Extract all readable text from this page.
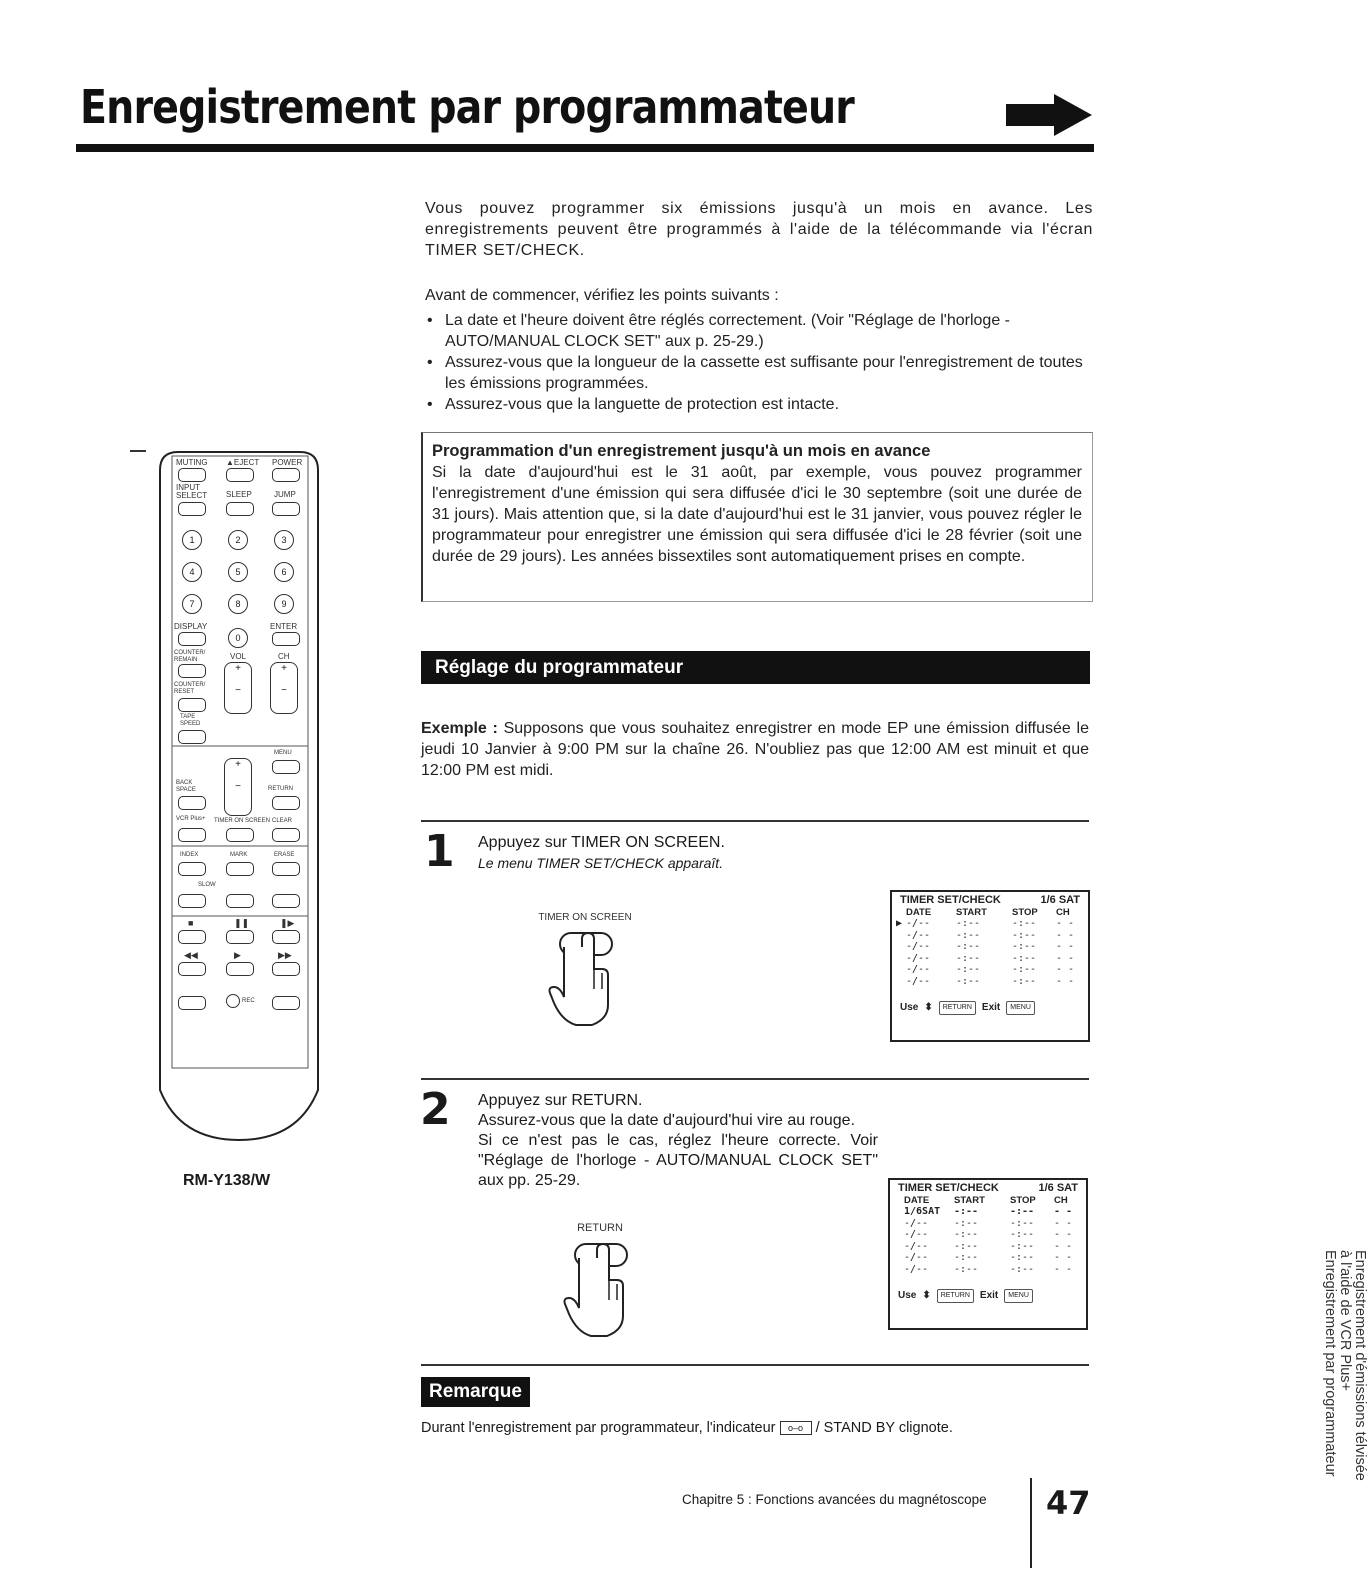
Enregistrement par programmateur
Vous pouvez programmer six émissions jusqu'à un mois en avance. Les enregistrements peuvent être programmés à l'aide de la télécommande via l'écran TIMER SET/CHECK.
Avant de commencer, vérifiez les points suivants :
• La date et l'heure doivent être réglés correctement. (Voir "Réglage de l'horloge - AUTO/MANUAL CLOCK SET" aux p. 25-29.)
• Assurez-vous que la longueur de la cassette est suffisante pour l'enregistrement de toutes les émissions programmées.
• Assurez-vous que la languette de protection est intacte.
Programmation d'un enregistrement jusqu'à un mois en avance
Si la date d'aujourd'hui est le 31 août, par exemple, vous pouvez programmer l'enregistrement d'une émission qui sera diffusée d'ici le 30 septembre (soit une durée de 31 jours). Mais attention que, si la date d'aujourd'hui est le 31 janvier, vous pouvez régler le programmateur pour enregistrer une émission qui sera diffusée d'ici le 28 février (soit une durée de 29 jours). Les années bissextiles sont automatiquement prises en compte.
Réglage du programmateur
Exemple : Supposons que vous souhaitez enregistrer en mode EP une émission diffusée le jeudi 10 Janvier à 9:00 PM sur la chaîne 26. N'oubliez pas que 12:00 AM est minuit et que 12:00 PM est midi.
1 Appuyez sur TIMER ON SCREEN.
Le menu TIMER SET/CHECK apparaît.
TIMER ON SCREEN
TIMER SET/CHECK	1/6 SAT
DATE	START	STOP	CH
▶ -/--	-:--	-:--	- -
-/--	-:--	-:--	- -
-/--	-:--	-:--	- -
-/--	-:--	-:--	- -
-/--	-:--	-:--	- -
-/--	-:--	-:--	- -
Use ⬍	RETURN	Exit	MENU
2 Appuyez sur RETURN.
Assurez-vous que la date d'aujourd'hui vire au rouge.
Si ce n'est pas le cas, réglez l'heure correcte. Voir "Réglage de l'horloge - AUTO/MANUAL CLOCK SET" aux pp. 25-29.
RETURN
TIMER SET/CHECK	1/6 SAT
DATE	START	STOP	CH
1/6SAT	-:--	-:--	- -
-/--	-:--	-:--	- -
-/--	-:--	-:--	- -
-/--	-:--	-:--	- -
-/--	-:--	-:--	- -
-/--	-:--	-:--	- -
Use ⬍	RETURN	Exit	MENU
MUTING ▲EJECT POWER
INPUT SELECT SLEEP	JUMP
1	2	3
4	5	6
7	8	9
DISPLAY	ENTER
0
COUNTER/ REMAIN	VOL	CH
+

−
+

−
COUNTER/ RESET
TAPE SPEED
MENU
+

−
BACK SPACE	RETURN
VCR Plus+ TIMER ON SCREEN CLEAR
INDEX	MARK	ERASE
SLOW
■	❚❚	❚▶
◀◀	▶	▶▶
REC
RM-Y138/W
Remarque
Durant l'enregistrement par programmateur, l'indicateur o‒o / STAND BY clignote.
Chapitre 5 : Fonctions avancées du magnétoscope 47
Enregistrement d'émissions télvisée
à l'aide de VCR Plus+
Enregistrement par programmateur
